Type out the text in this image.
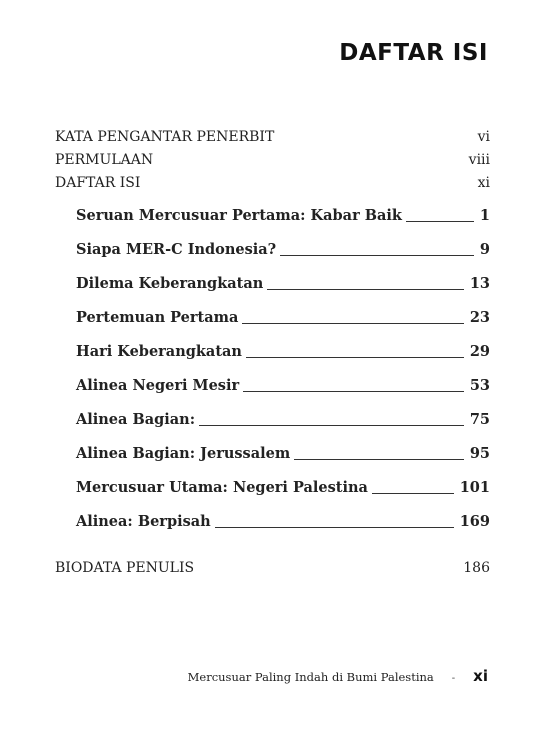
DAFTAR ISI
KATA PENGANTAR PENERBIT	vi
PERMULAAN	viii
DAFTAR ISI	xi
Seruan Mercusuar Pertama: Kabar Baik	1
Siapa MER-C Indonesia?	9
Dilema Keberangkatan	13
Pertemuan Pertama	23
Hari Keberangkatan	29
Alinea Negeri Mesir	53
Alinea Bagian:	75
Alinea Bagian: Jerussalem	95
Mercusuar Utama: Negeri Palestina	101
Alinea: Berpisah	169
BIODATA PENULIS	186
Mercusuar Paling Indah di Bumi Palestina - xi
